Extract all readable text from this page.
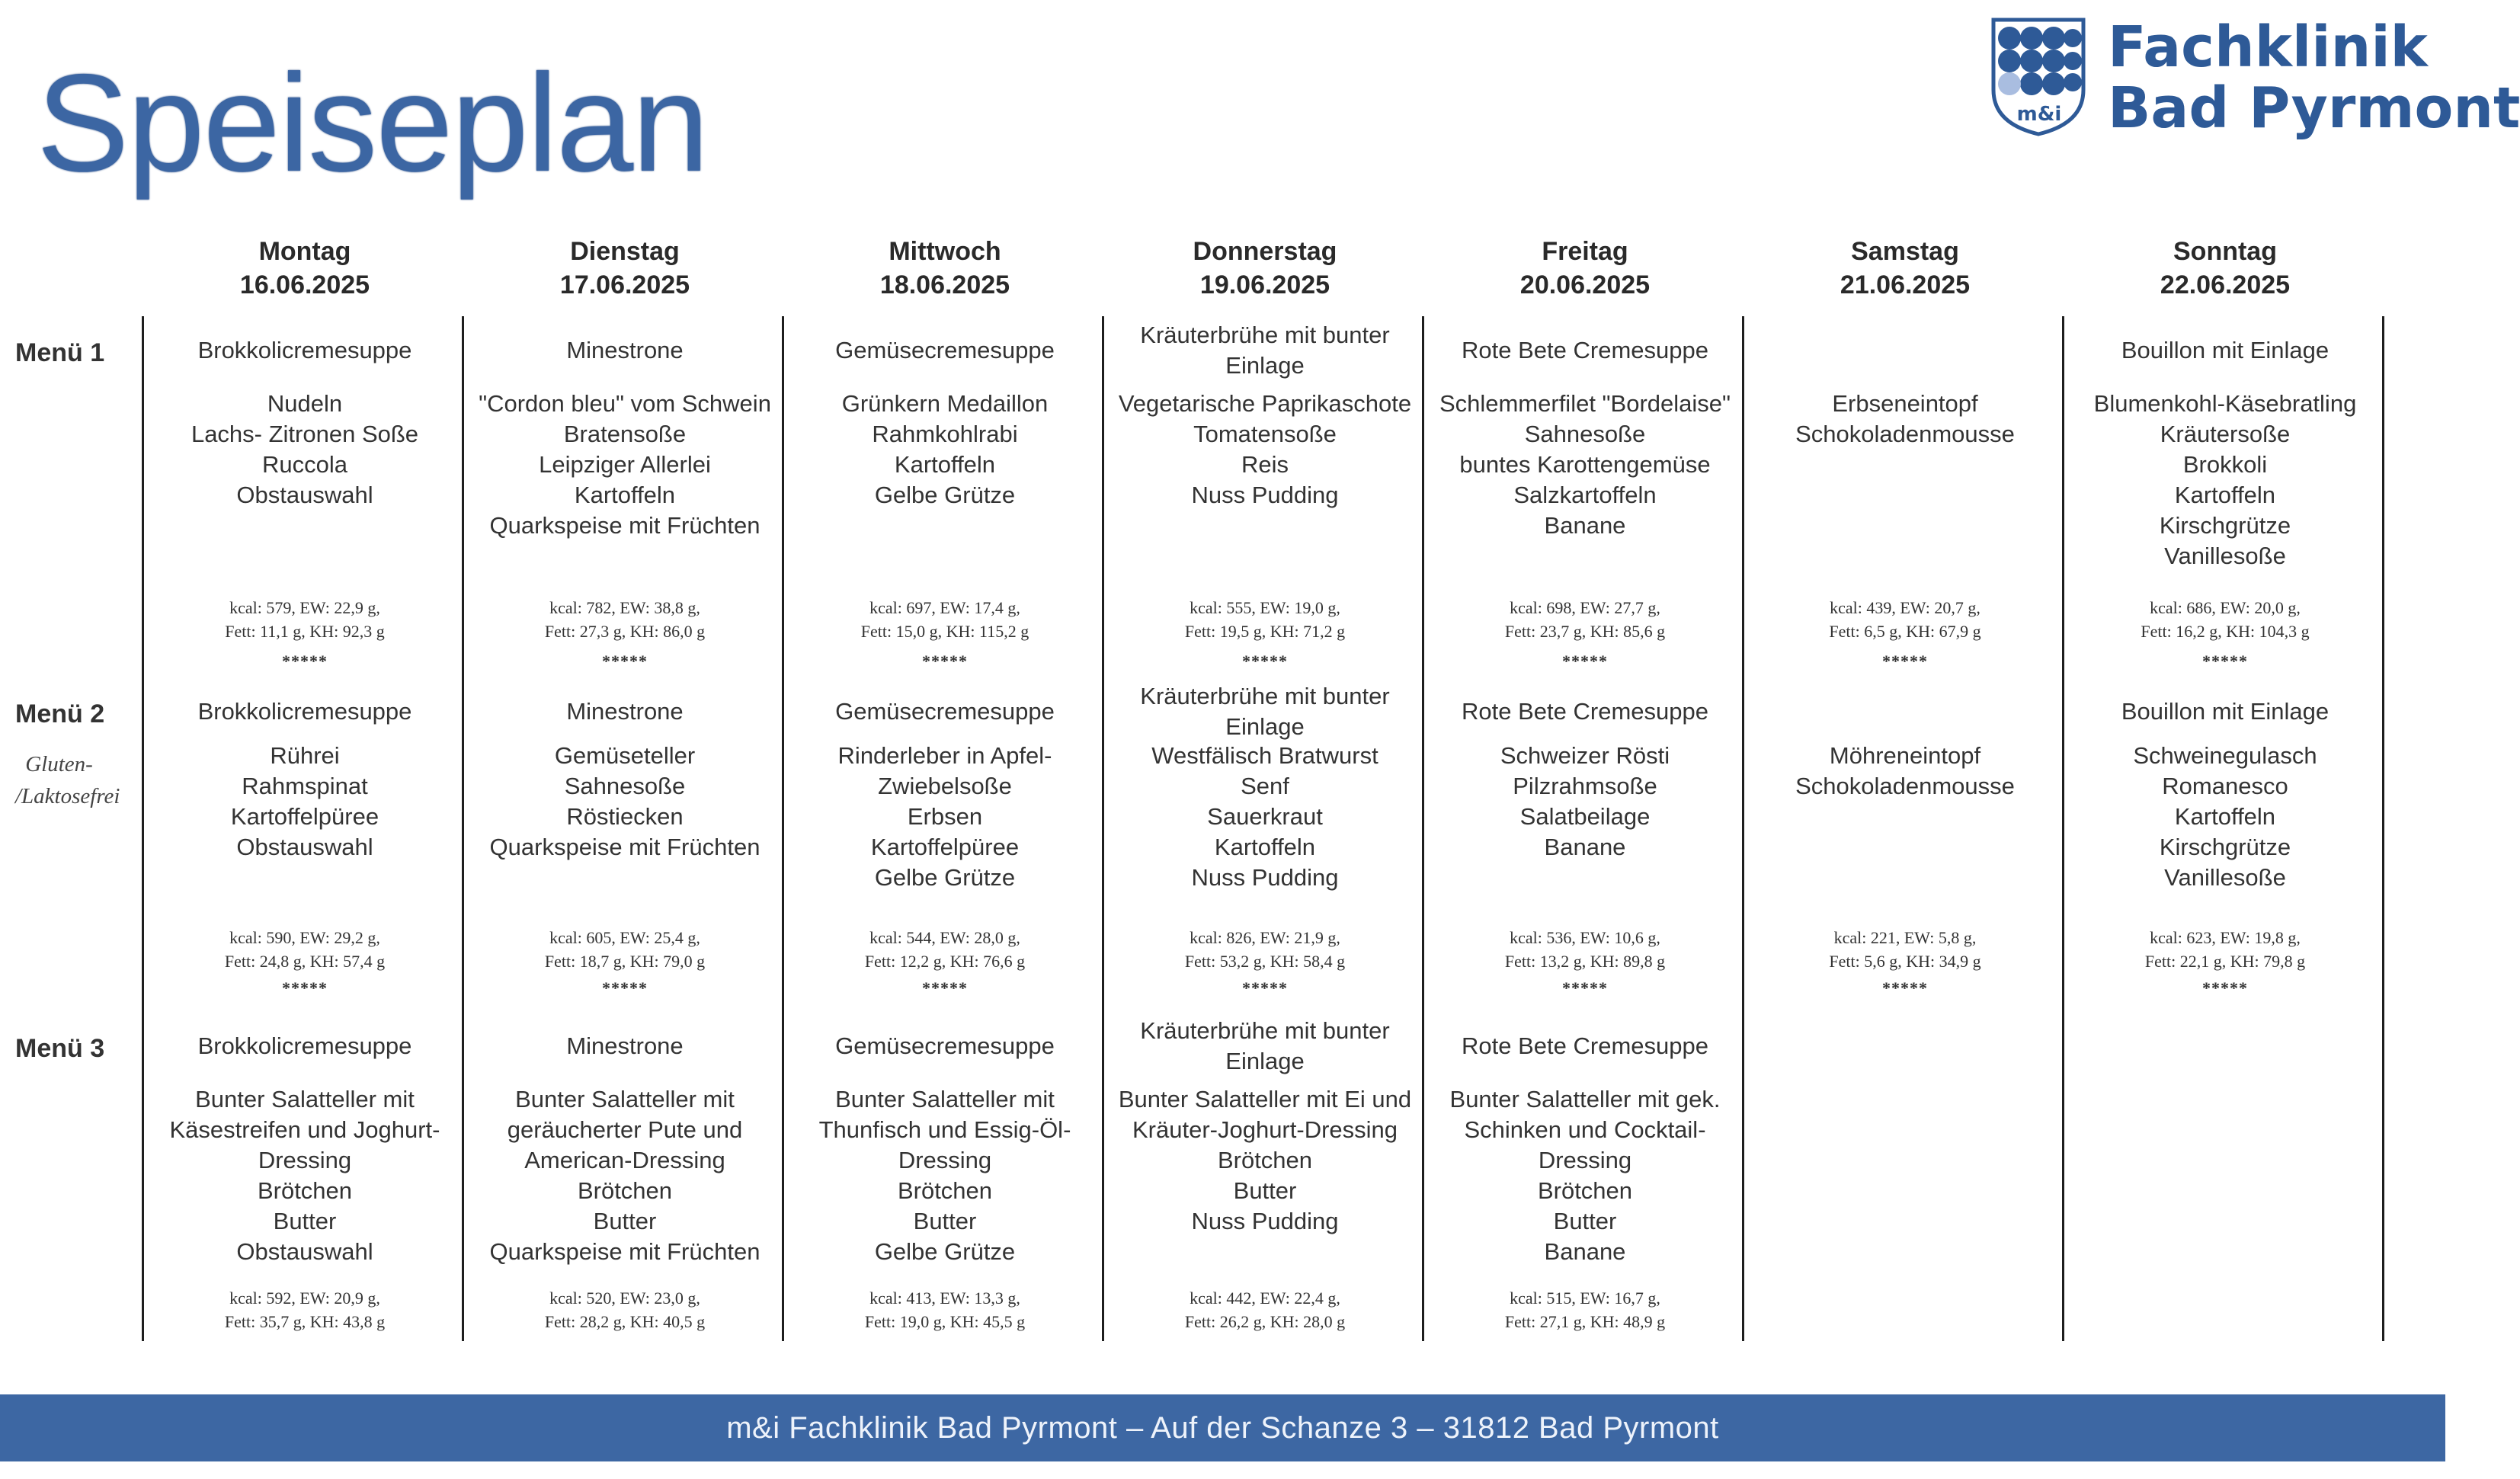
Speiseplan	m&i
Fachklinik
Bad Pyrmont
Montag
16.06.2025
Dienstag
17.06.2025
Mittwoch
18.06.2025
Donnerstag
19.06.2025
Freitag
20.06.2025
Samstag
21.06.2025
Sonntag
22.06.2025
Brokkolicremesuppe
Nudeln
Lachs- Zitronen Soße
Ruccola
Obstauswahl
kcal: 579, EW: 22,9 g,
Fett: 11,1 g, KH: 92,3 g
*****
Minestrone
"Cordon bleu" vom Schwein
Bratensoße
Leipziger Allerlei
Kartoffeln
Quarkspeise mit Früchten
kcal: 782, EW: 38,8 g,
Fett: 27,3 g, KH: 86,0 g
*****
Gemüsecremesuppe
Grünkern Medaillon
Rahmkohlrabi
Kartoffeln
Gelbe Grütze
kcal: 697, EW: 17,4 g,
Fett: 15,0 g, KH: 115,2 g
*****
Kräuterbrühe mit bunter
Einlage
Vegetarische Paprikaschote
Tomatensoße
Reis
Nuss Pudding
kcal: 555, EW: 19,0 g,
Fett: 19,5 g, KH: 71,2 g
*****
Rote Bete Cremesuppe
Schlemmerfilet "Bordelaise"
Sahnesoße
buntes Karottengemüse
Salzkartoffeln
Banane
kcal: 698, EW: 27,7 g,
Fett: 23,7 g, KH: 85,6 g
*****
Erbseneintopf
Schokoladenmousse
kcal: 439, EW: 20,7 g,
Fett: 6,5 g, KH: 67,9 g
*****
Bouillon mit Einlage
Blumenkohl-Käsebratling
Kräutersoße
Brokkoli
Kartoffeln
Kirschgrütze
Vanillesoße
kcal: 686, EW: 20,0 g,
Fett: 16,2 g, KH: 104,3 g
*****
Brokkolicremesuppe
Rührei
Rahmspinat
Kartoffelpüree
Obstauswahl
kcal: 590, EW: 29,2 g,
Fett: 24,8 g, KH: 57,4 g
*****
Minestrone
Gemüseteller
Sahnesoße
Röstiecken
Quarkspeise mit Früchten
kcal: 605, EW: 25,4 g,
Fett: 18,7 g, KH: 79,0 g
*****
Gemüsecremesuppe
Rinderleber in Apfel-
Zwiebelsoße
Erbsen
Kartoffelpüree
Gelbe Grütze
kcal: 544, EW: 28,0 g,
Fett: 12,2 g, KH: 76,6 g
*****
Kräuterbrühe mit bunter
Einlage
Westfälisch Bratwurst
Senf
Sauerkraut
Kartoffeln
Nuss Pudding
kcal: 826, EW: 21,9 g,
Fett: 53,2 g, KH: 58,4 g
*****
Rote Bete Cremesuppe
Schweizer Rösti
Pilzrahmsoße
Salatbeilage
Banane
kcal: 536, EW: 10,6 g,
Fett: 13,2 g, KH: 89,8 g
*****
Möhreneintopf
Schokoladenmousse
kcal: 221, EW: 5,8 g,
Fett: 5,6 g, KH: 34,9 g
*****
Bouillon mit Einlage
Schweinegulasch
Romanesco
Kartoffeln
Kirschgrütze
Vanillesoße
kcal: 623, EW: 19,8 g,
Fett: 22,1 g, KH: 79,8 g
*****
Brokkolicremesuppe
Bunter Salatteller mit
Käsestreifen und Joghurt-
Dressing
Brötchen
Butter
Obstauswahl
kcal: 592, EW: 20,9 g,
Fett: 35,7 g, KH: 43,8 g
Minestrone
Bunter Salatteller mit
geräucherter Pute und
American-Dressing
Brötchen
Butter
Quarkspeise mit Früchten
kcal: 520, EW: 23,0 g,
Fett: 28,2 g, KH: 40,5 g
Gemüsecremesuppe
Bunter Salatteller mit
Thunfisch und Essig-Öl-
Dressing
Brötchen
Butter
Gelbe Grütze
kcal: 413, EW: 13,3 g,
Fett: 19,0 g, KH: 45,5 g
Kräuterbrühe mit bunter
Einlage
Bunter Salatteller mit Ei und
Kräuter-Joghurt-Dressing
Brötchen
Butter
Nuss Pudding
kcal: 442, EW: 22,4 g,
Fett: 26,2 g, KH: 28,0 g
Rote Bete Cremesuppe
Bunter Salatteller mit gek.
Schinken und Cocktail-
Dressing
Brötchen
Butter
Banane
kcal: 515, EW: 16,7 g,
Fett: 27,1 g, KH: 48,9 g
Menü 1
Menü 2
Gluten-
/Laktosefrei
Menü 3
m&i Fachklinik Bad Pyrmont – Auf der Schanze 3 – 31812 Bad Pyrmont
